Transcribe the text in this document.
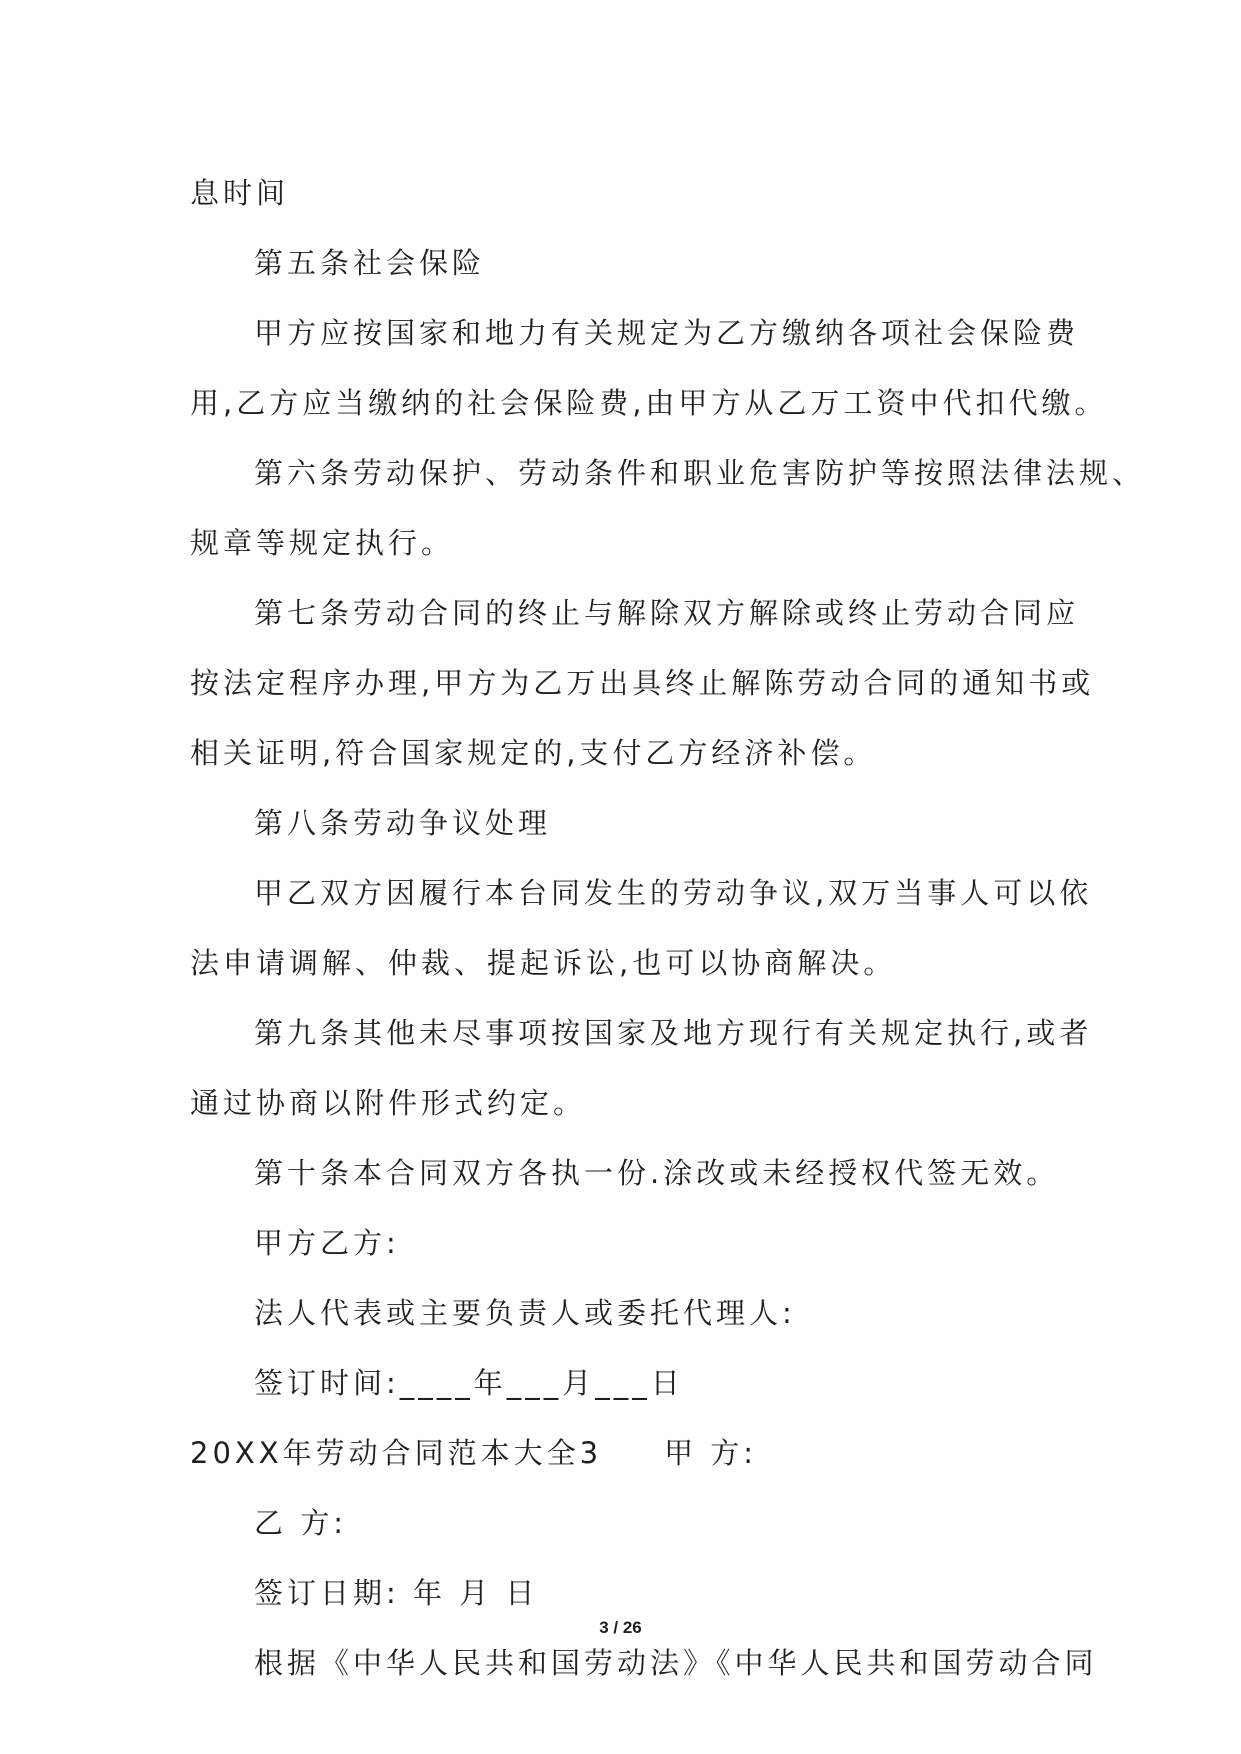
息时间

第五条社会保险

甲方应按国家和地力有关规定为乙方缴纳各项社会保险费

用,乙方应当缴纳的社会保险费,由甲方从乙万工资中代扣代缴。

第六条劳动保护、劳动条件和职业危害防护等按照法律法规、

规章等规定执行。

第七条劳动合同的终止与解除双方解除或终止劳动合同应

按法定程序办理,甲方为乙万出具终止解陈劳动合同的通知书或

相关证明,符合国家规定的,支付乙方经济补偿。

第八条劳动争议处理

甲乙双方因履行本台同发生的劳动争议,双万当事人可以依

法申请调解、仲裁、提起诉讼,也可以协商解决。

第九条其他未尽事项按国家及地方现行有关规定执行,或者

通过协商以附件形式约定。

第十条本合同双方各执一份.涂改或未经授权代签无效。

甲方乙方:

法人代表或主要负责人或委托代理人:

签订时间:____年___月___日

20XX年劳动合同范本大全3 甲 方:

乙 方:

签订日期: 年 月 日

根据《中华人民共和国劳动法》《中华人民共和国劳动合同

3 / 26
